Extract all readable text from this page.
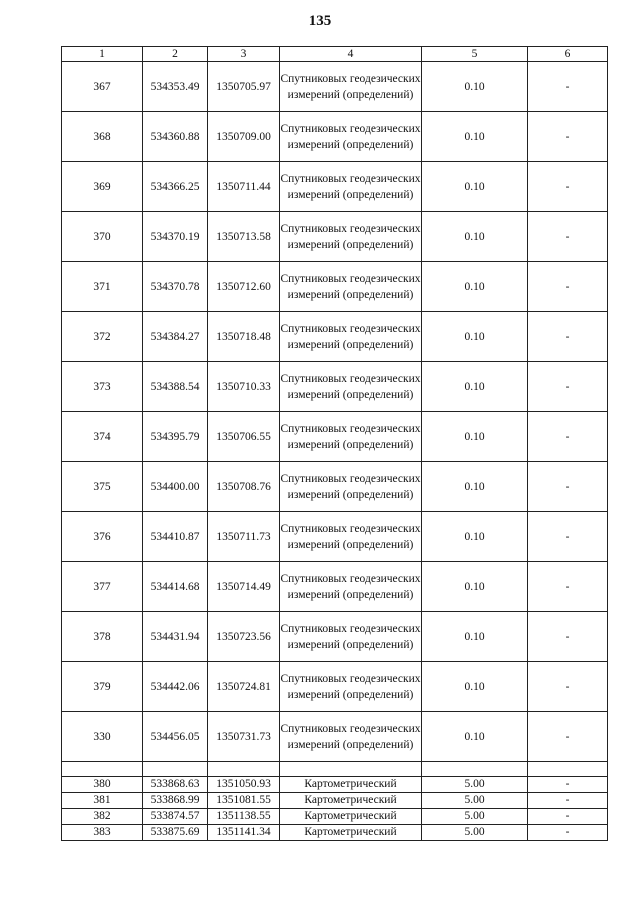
135
1	2	3	4	5	6
367	534353.49	1350705.97	Спутниковых геодезических измерений (определений)	0.10	-
368	534360.88	1350709.00	Спутниковых геодезических измерений (определений)	0.10	-
369	534366.25	1350711.44	Спутниковых геодезических измерений (определений)	0.10	-
370	534370.19	1350713.58	Спутниковых геодезических измерений (определений)	0.10	-
371	534370.78	1350712.60	Спутниковых геодезических измерений (определений)	0.10	-
372	534384.27	1350718.48	Спутниковых геодезических измерений (определений)	0.10	-
373	534388.54	1350710.33	Спутниковых геодезических измерений (определений)	0.10	-
374	534395.79	1350706.55	Спутниковых геодезических измерений (определений)	0.10	-
375	534400.00	1350708.76	Спутниковых геодезических измерений (определений)	0.10	-
376	534410.87	1350711.73	Спутниковых геодезических измерений (определений)	0.10	-
377	534414.68	1350714.49	Спутниковых геодезических измерений (определений)	0.10	-
378	534431.94	1350723.56	Спутниковых геодезических измерений (определений)	0.10	-
379	534442.06	1350724.81	Спутниковых геодезических измерений (определений)	0.10	-
330	534456.05	1350731.73	Спутниковых геодезических измерений (определений)	0.10	-

380	533868.63	1351050.93	Картометрический	5.00	-
381	533868.99	1351081.55	Картометрический	5.00	-
382	533874.57	1351138.55	Картометрический	5.00	-
383	533875.69	1351141.34	Картометрический	5.00	-
